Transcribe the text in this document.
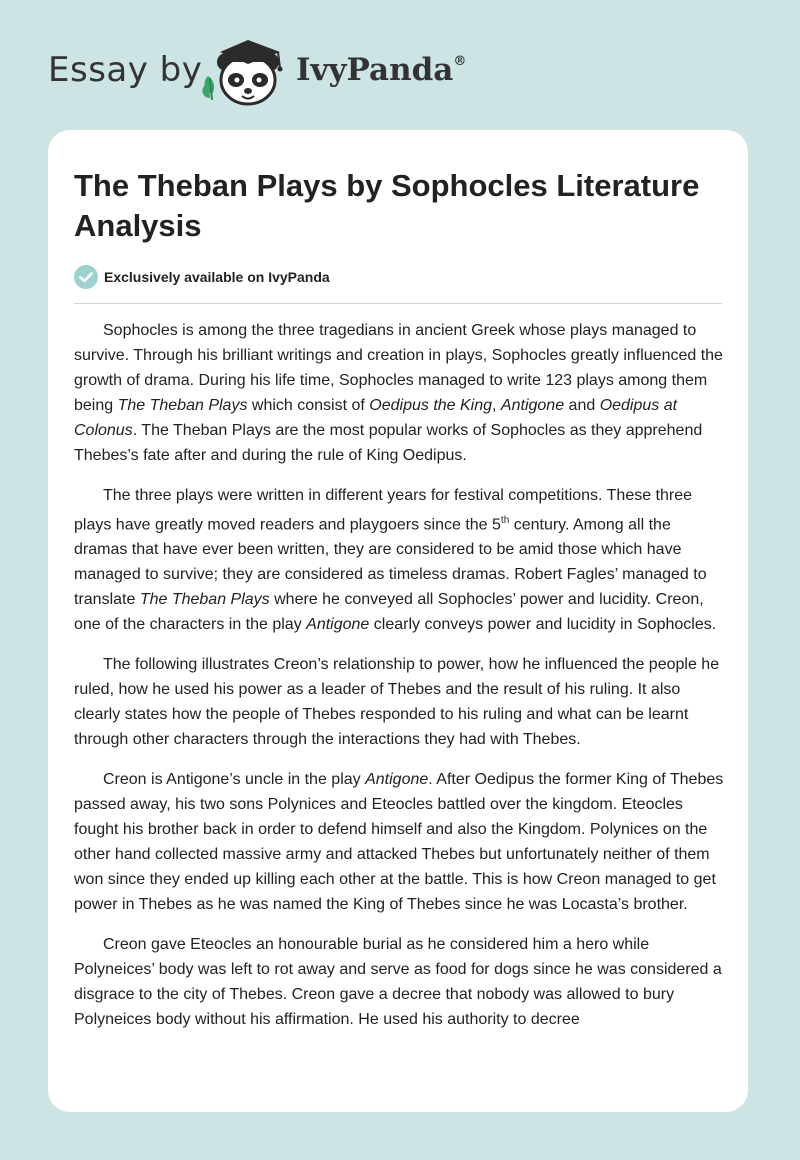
Essay by	IvyPanda®
The Theban Plays by Sophocles Literature Analysis
Exclusively available on IvyPanda

Sophocles is among the three tragedians in ancient Greek whose plays managed to survive. Through his brilliant writings and creation in plays, Sophocles greatly influenced the growth of drama. During his life time, Sophocles managed to write 123 plays among them being The Theban Plays which consist of Oedipus the King, Antigone and Oedipus at Colonus. The Theban Plays are the most popular works of Sophocles as they apprehend Thebes’s fate after and during the rule of King Oedipus.

The three plays were written in different years for festival competitions. These three plays have greatly moved readers and playgoers since the 5th century. Among all the dramas that have ever been written, they are considered to be amid those which have managed to survive; they are considered as timeless dramas. Robert Fagles’ managed to translate The Theban Plays where he conveyed all Sophocles’ power and lucidity. Creon, one of the characters in the play Antigone clearly conveys power and lucidity in Sophocles.

The following illustrates Creon’s relationship to power, how he influenced the people he ruled, how he used his power as a leader of Thebes and the result of his ruling. It also clearly states how the people of Thebes responded to his ruling and what can be learnt through other characters through the interactions they had with Thebes.

Creon is Antigone’s uncle in the play Antigone. After Oedipus the former King of Thebes passed away, his two sons Polynices and Eteocles battled over the kingdom. Eteocles fought his brother back in order to defend himself and also the Kingdom. Polynices on the other hand collected massive army and attacked Thebes but unfortunately neither of them won since they ended up killing each other at the battle. This is how Creon managed to get power in Thebes as he was named the King of Thebes since he was Locasta’s brother.

Creon gave Eteocles an honourable burial as he considered him a hero while Polyneices’ body was left to rot away and serve as food for dogs since he was considered a disgrace to the city of Thebes. Creon gave a decree that nobody was allowed to bury Polyneices body without his affirmation. He used his authority to decree
